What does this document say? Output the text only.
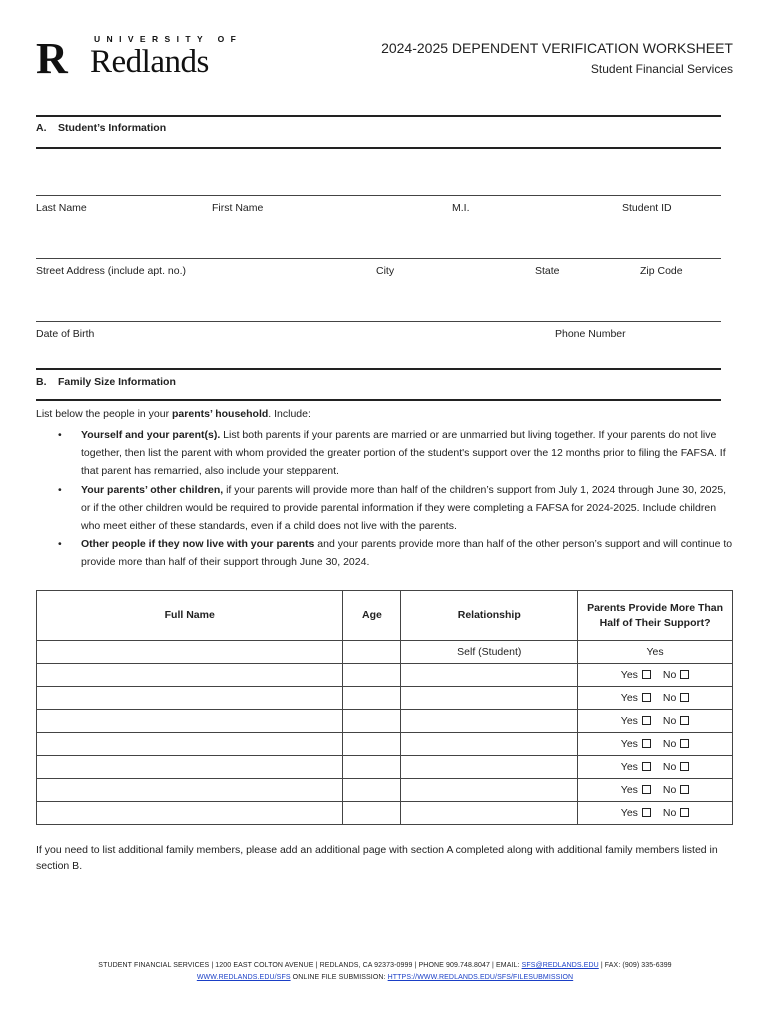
R	UNIVERSITY OF
Redlands	2024-2025 DEPENDENT VERIFICATION WORKSHEET
Student Financial Services
A. Student’s Information
Last Name	First Name	M.I.	Student ID
Street Address (include apt. no.)	City	State	Zip Code
Date of Birth	Phone Number
B. Family Size Information
List below the people in your parents’ household. Include:
• Yourself and your parent(s). List both parents if your parents are married or are unmarried but living together. If your parents do not live together, then list the parent with whom provided the greater portion of the student's support over the 12 months prior to filing the FAFSA. If that parent has remarried, also include your stepparent.
• Your parents’ other children, if your parents will provide more than half of the children’s support from July 1, 2024 through June 30, 2025, or if the other children would be required to provide parental information if they were completing a FAFSA for 2024-2025. Include children who meet either of these standards, even if a child does not live with the parents.
• Other people if they now live with your parents and your parents provide more than half of the other person’s support and will continue to provide more than half of their support through June 30, 2024.
Full Name	Age	Relationship	Parents Provide More Than Half of Their Support?
		Self (Student)	Yes
			Yes No
			Yes No
			Yes No
			Yes No
			Yes No
			Yes No
			Yes No
If you need to list additional family members, please add an additional page with section A completed along with additional family members listed in section B.
STUDENT FINANCIAL SERVICES | 1200 EAST COLTON AVENUE | REDLANDS, CA 92373-0999 | PHONE 909.748.8047 | EMAIL: SFS@REDLANDS.EDU | FAX: (909) 335-6399
WWW.REDLANDS.EDU/SFS ONLINE FILE SUBMISSION: HTTPS://WWW.REDLANDS.EDU/SFS/FILESUBMISSION
